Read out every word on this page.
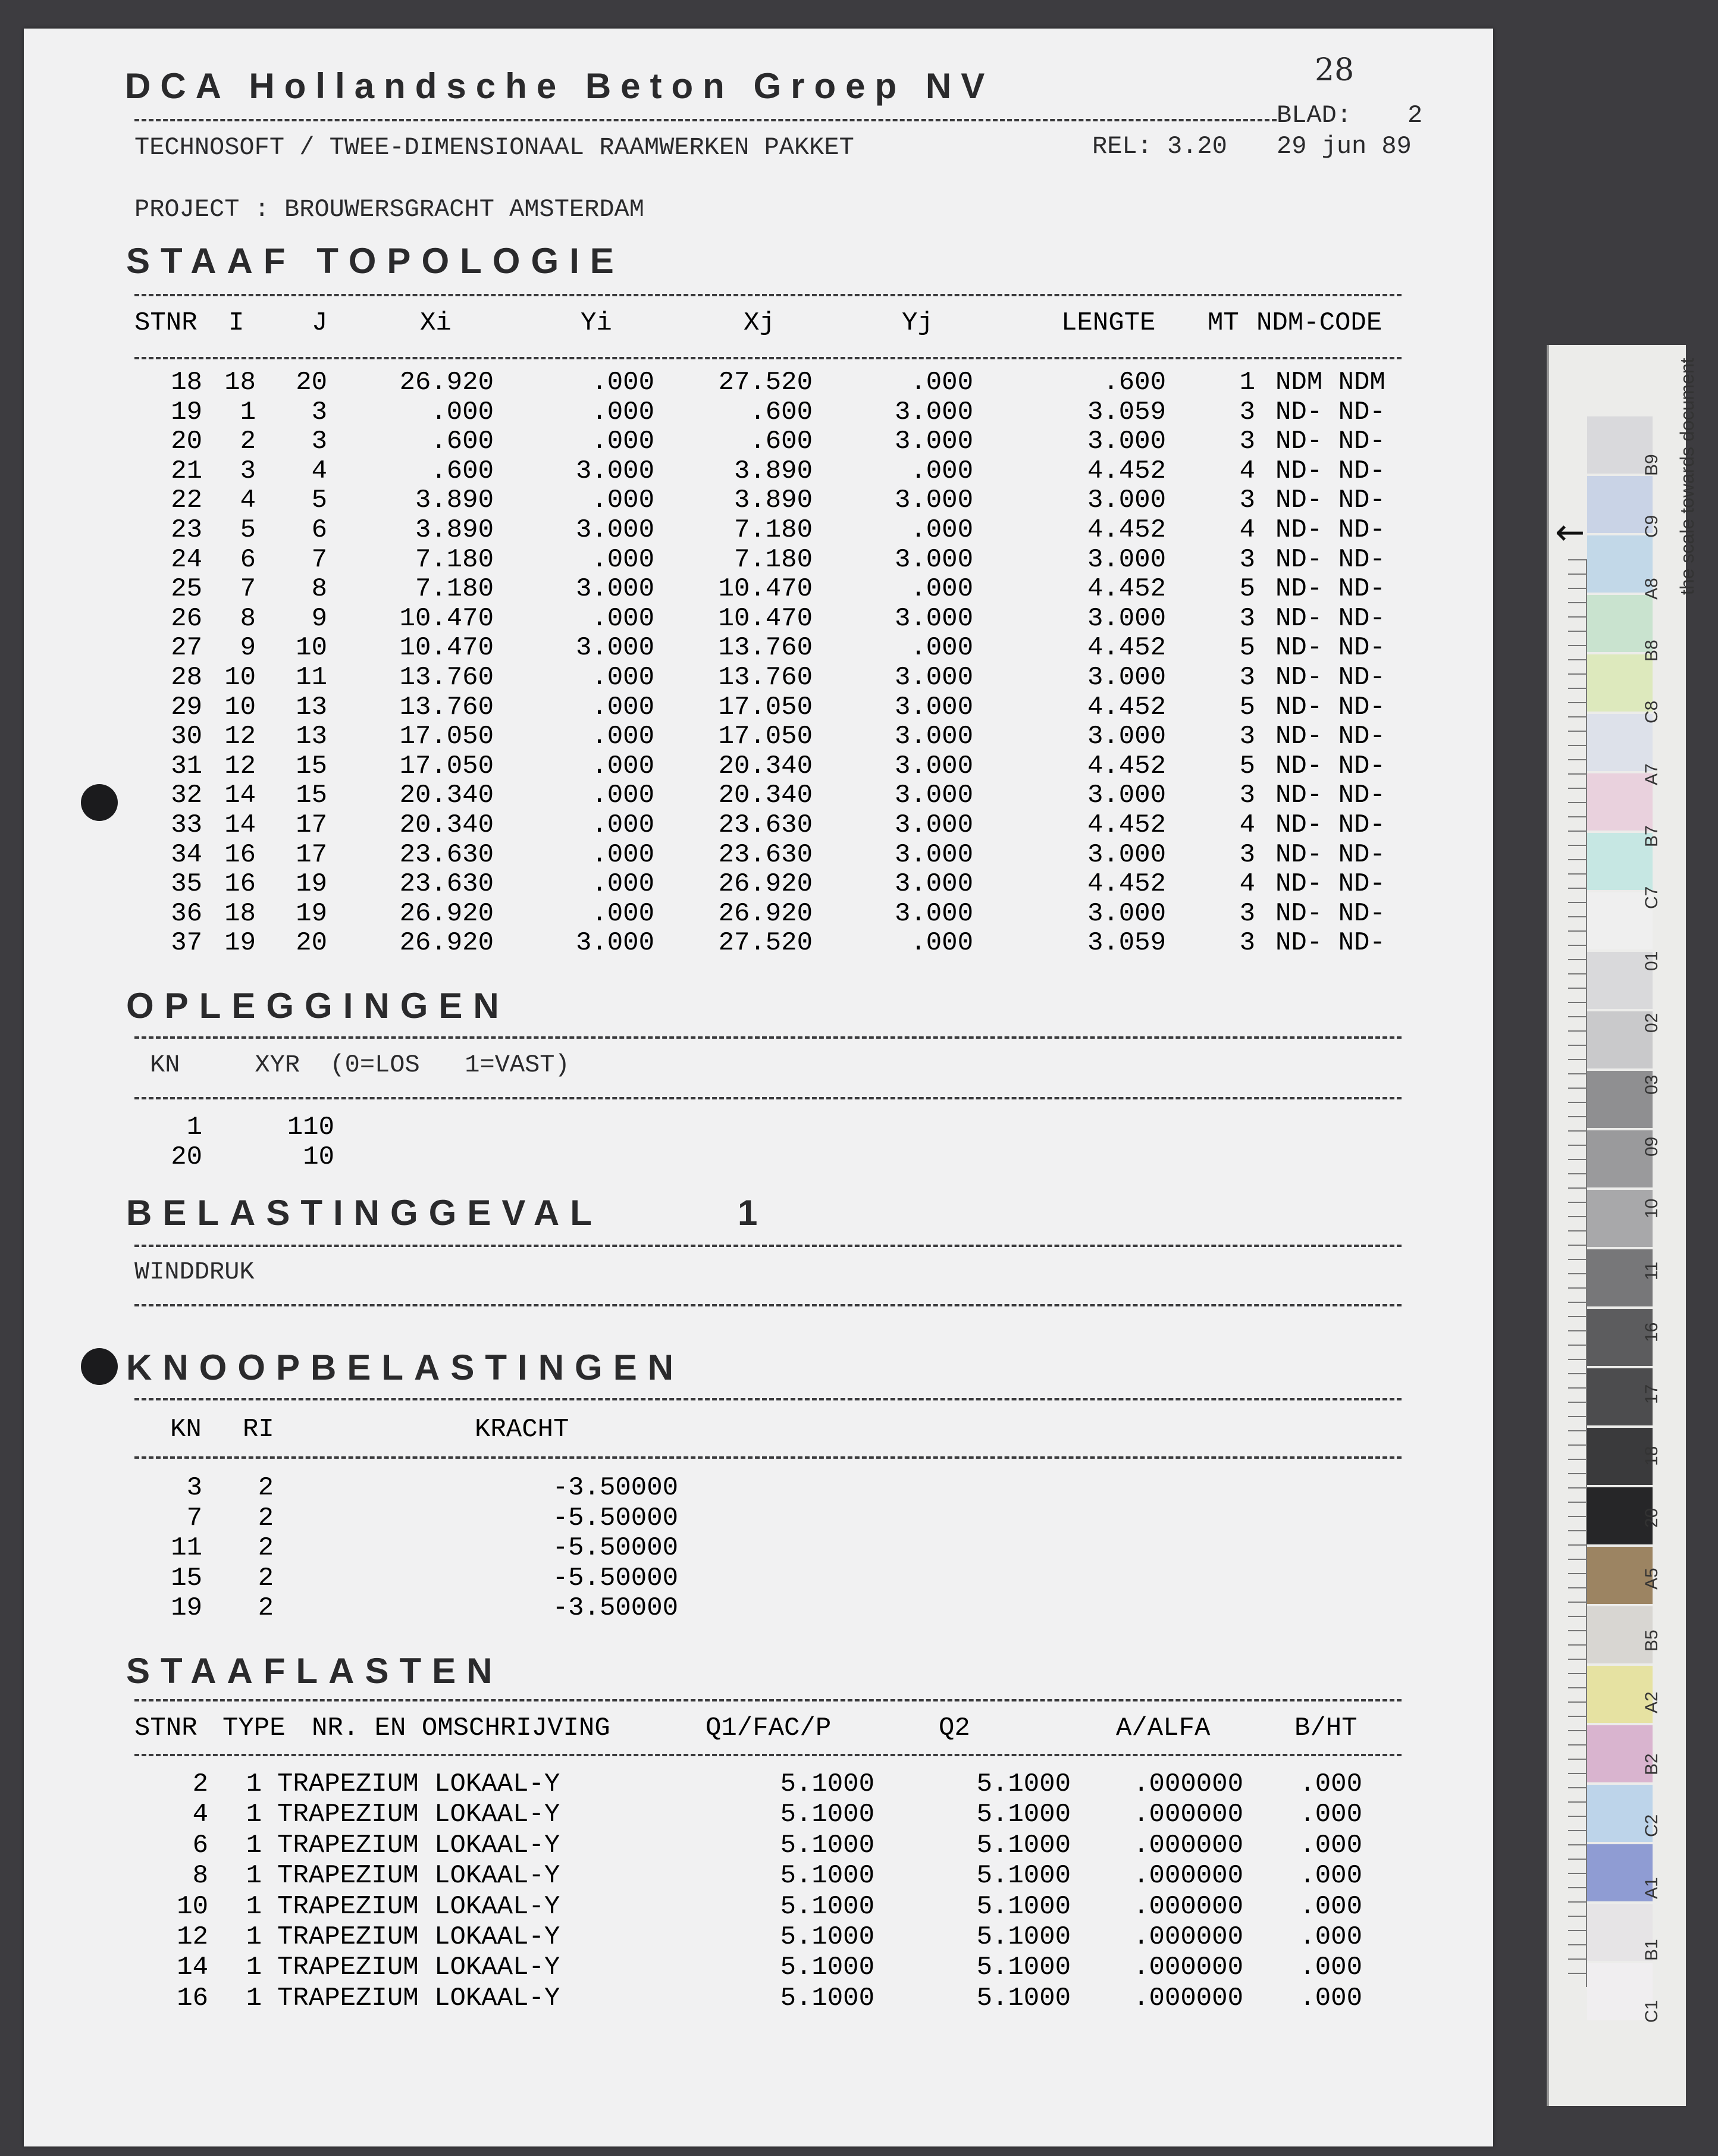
DCA Hollandsche Beton Groep NV	28
BLAD: 2
TECHNOSOFT / TWEE-DIMENSIONAAL RAAMWERKEN PAKKET	REL: 3.20 29 jun 89
PROJECT : BROUWERSGRACHT AMSTERDAM
STAAF TOPOLOGIE
STNR I	J	Xi	Yi	Xj	Yj	LENGTE MT NDM-CODE
18 18	20	26.920	.000	27.520	.000	.600	1 NDM NDM
19	1	3	.000	.000	.600	3.000	3.059	3 ND- ND-
20	2	3	.600	.000	.600	3.000	3.000	3 ND- ND-
21	3	4	.600	3.000	3.890	.000	4.452	4 ND- ND-
22	4	5	3.890	.000	3.890	3.000	3.000	3 ND- ND-
23	5	6	3.890	3.000	7.180	.000	4.452	4 ND- ND-
24	6	7	7.180	.000	7.180	3.000	3.000	3 ND- ND-
25	7	8	7.180	3.000	10.470	.000	4.452	5 ND- ND-
26	8	9	10.470	.000	10.470	3.000	3.000	3 ND- ND-
27	9	10	10.470	3.000	13.760	.000	4.452	5 ND- ND-
28 10	11	13.760	.000	13.760	3.000	3.000	3 ND- ND-
29 10	13	13.760	.000	17.050	3.000	4.452	5 ND- ND-
30 12	13	17.050	.000	17.050	3.000	3.000	3 ND- ND-
31 12	15	17.050	.000	20.340	3.000	4.452	5 ND- ND-
32 14	15	20.340	.000	20.340	3.000	3.000	3 ND- ND-
33 14	17	20.340	.000	23.630	3.000	4.452	4 ND- ND-
34 16	17	23.630	.000	23.630	3.000	3.000	3 ND- ND-
35 16	19	23.630	.000	26.920	3.000	4.452	4 ND- ND-
36 18	19	26.920	.000	26.920	3.000	3.000	3 ND- ND-
37 19	20	26.920	3.000	27.520	.000	3.059	3 ND- ND-
OPLEGGINGEN
KN     XYR  (0=LOS   1=VAST)
1	110
20	10
BELASTINGGEVAL	1
WINDDRUK
KNOOPBELASTINGEN
KN RI	KRACHT
3	2	-3.50000
7	2	-5.50000
11	2	-5.50000
15	2	-5.50000
19	2	-3.50000
STAAFLASTEN
STNR TYPE NR. EN OMSCHRIJVING	Q1/FAC/P	Q2	A/ALFA	B/HT
2	1 TRAPEZIUM LOKAAL-Y	5.1000	5.1000	.000000	.000
4	1 TRAPEZIUM LOKAAL-Y	5.1000	5.1000	.000000	.000
6	1 TRAPEZIUM LOKAAL-Y	5.1000	5.1000	.000000	.000
8	1 TRAPEZIUM LOKAAL-Y	5.1000	5.1000	.000000	.000
10	1 TRAPEZIUM LOKAAL-Y	5.1000	5.1000	.000000	.000
12	1 TRAPEZIUM LOKAAL-Y	5.1000	5.1000	.000000	.000
14	1 TRAPEZIUM LOKAAL-Y	5.1000	5.1000	.000000	.000
16	1 TRAPEZIUM LOKAAL-Y	5.1000	5.1000	.000000	.000
←	the scale towards document
B9
C9
A8
B8
C8
A7
B7
C7
01
02
03
09
10
11
16
17
18
20
A5
B5
A2
B2
C2
A1
B1
C1
